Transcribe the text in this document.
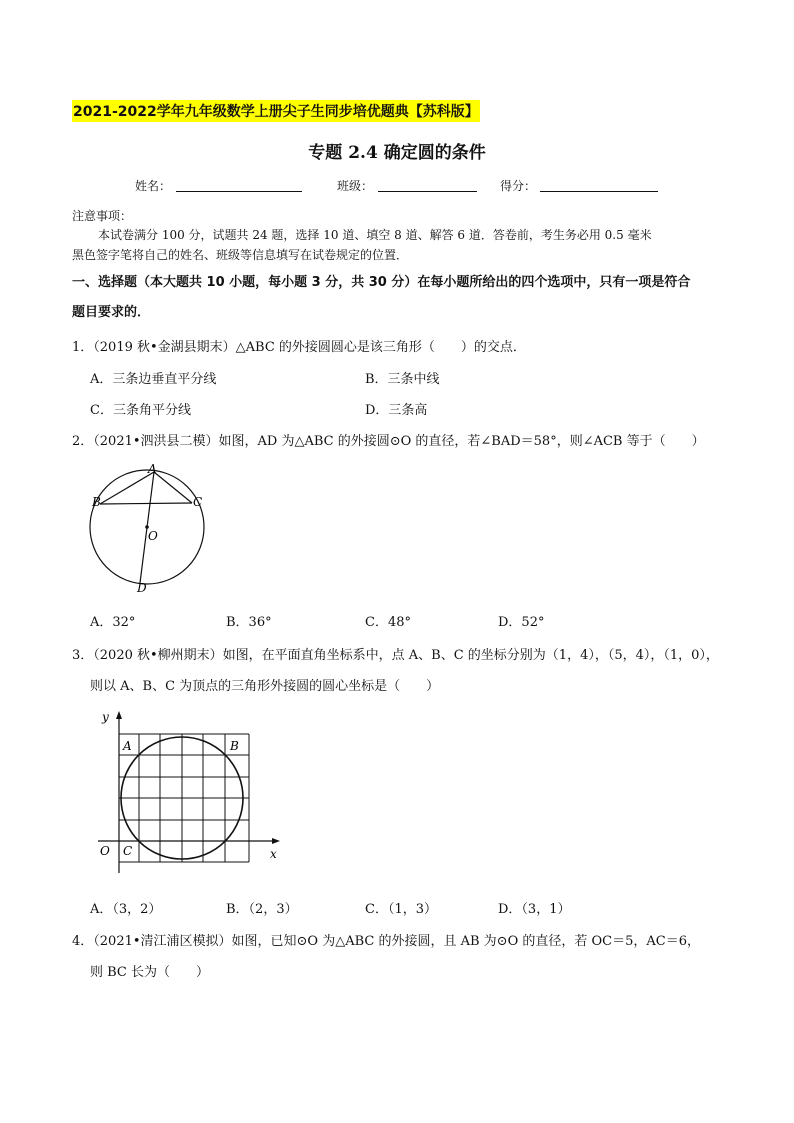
2021-2022学年九年级数学上册尖子生同步培优题典【苏科版】
专题 2.4 确定圆的条件
姓名：	班级：	得分：
注意事项：
本试卷满分 100 分，试题共 24 题，选择 10 道、填空 8 道、解答 6 道．答卷前，考生务必用 0.5 毫米
黑色签字笔将自己的姓名、班级等信息填写在试卷规定的位置．
一、选择题（本大题共 10 小题，每小题 3 分，共 30 分）在每小题所给出的四个选项中，只有一项是符合
题目要求的．
1．（2019 秋•金湖县期末）△ABC 的外接圆圆心是该三角形（　　）的交点．
A．三条边垂直平分线	B．三条中线
C．三条角平分线	D．三条高
2．（2021•泗洪县二模）如图，AD 为△ABC 的外接圆⊙O 的直径，若∠BAD＝58°，则∠ACB 等于（　　）
A
B	C
O
D
A．32°	B．36°	C．48°	D．52°
3．（2020 秋•柳州期末）如图，在平面直角坐标系中，点 A、B、C 的坐标分别为（1，4），（5，4），（1，0），
则以 A、B、C 为顶点的三角形外接圆的圆心坐标是（　　）
y
x
O
A	B
C
A．（3，2）	B．（2，3）	C．（1，3）	D．（3，1）
4．（2021•清江浦区模拟）如图，已知⊙O 为△ABC 的外接圆，且 AB 为⊙O 的直径，若 OC＝5，AC＝6，
则 BC 长为（　　）
